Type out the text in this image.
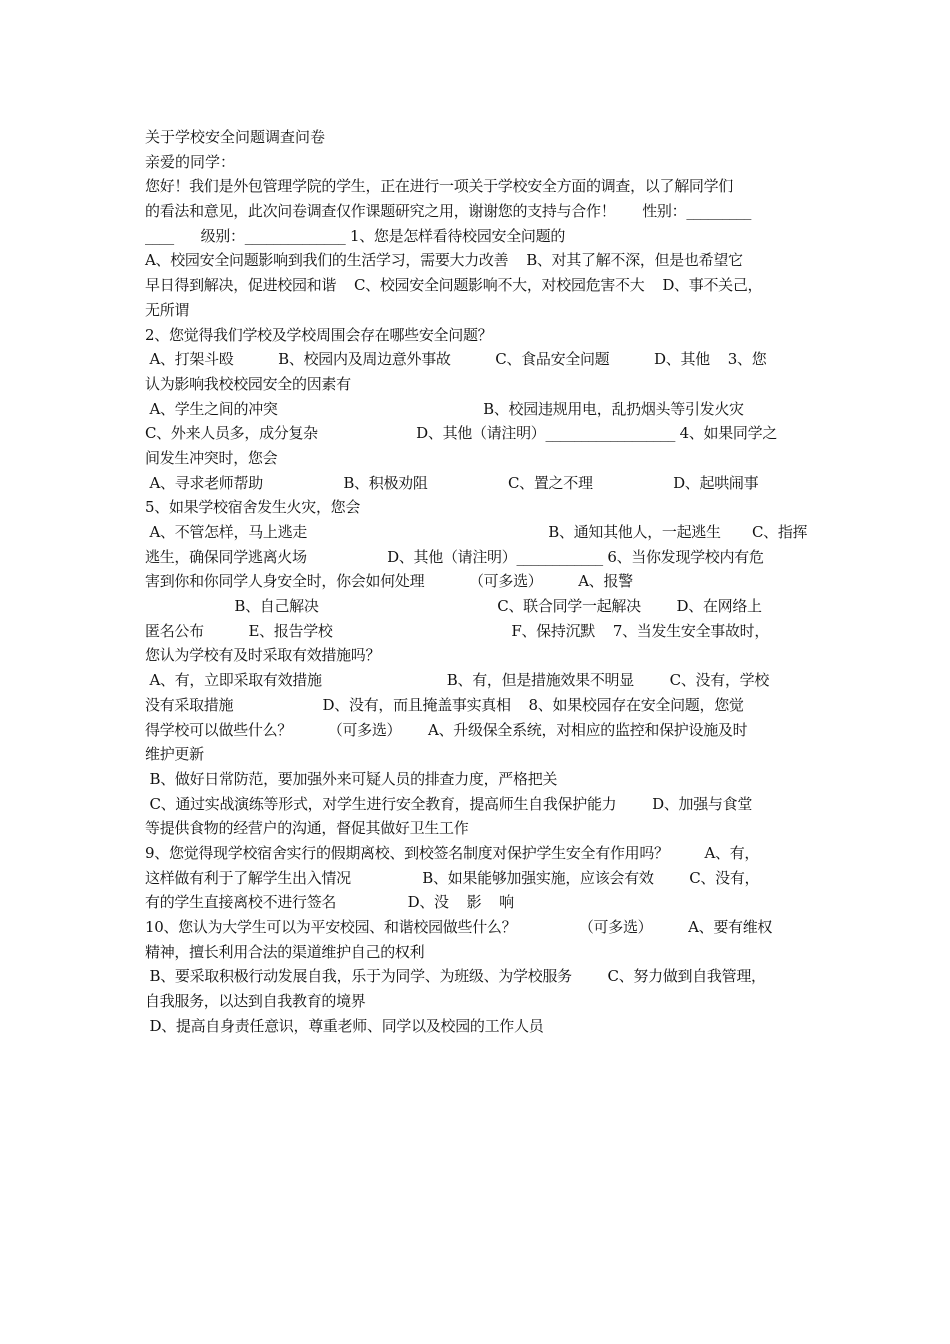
关于学校安全问题调查问卷
亲爱的同学：
您好！我们是外包管理学院的学生，正在进行一项关于学校安全方面的调查，以了解同学们
的看法和意见，此次问卷调查仅作课题研究之用，谢谢您的支持与合作！      性别：_________
____      级别：______________ 1、您是怎样看待校园安全问题的
A、校园安全问题影响到我们的生活学习，需要大力改善    B、对其了解不深，但是也希望它
早日得到解决，促进校园和谐    C、校园安全问题影响不大，对校园危害不大    D、事不关己，
无所谓
2、您觉得我们学校及学校周围会存在哪些安全问题？
A、打架斗殴          B、校园内及周边意外事故          C、食品安全问题          D、其他    3、您
认为影响我校校园安全的因素有
A、学生之间的冲突                                              B、校园违规用电，乱扔烟头等引发火灾
C、外来人员多，成分复杂                      D、其他（请注明）__________________ 4、如果同学之
间发生冲突时，您会
A、寻求老师帮助                  B、积极劝阻                  C、置之不理                  D、起哄闹事
5、如果学校宿舍发生火灾，您会
A、不管怎样，马上逃走                                                      B、通知其他人，一起逃生       C、指挥
逃生，确保同学逃离火场                  D、其他（请注明）____________ 6、当你发现学校内有危
害到你和你同学人身安全时，你会如何处理          （可多选）        A、报警
B、自己解决                                        C、联合同学一起解决        D、在网络上
匿名公布          E、报告学校                                        F、保持沉默    7、当发生安全事故时，
您认为学校有及时采取有效措施吗？
A、有，立即采取有效措施                            B、有，但是措施效果不明显        C、没有，学校
没有采取措施                    D、没有，而且掩盖事实真相    8、如果校园存在安全问题，您觉
得学校可以做些什么？        （可多选）      A、升级保全系统，对相应的监控和保护设施及时
维护更新
B、做好日常防范，要加强外来可疑人员的排查力度，严格把关
C、通过实战演练等形式，对学生进行安全教育，提高师生自我保护能力        D、加强与食堂
等提供食物的经营户的沟通，督促其做好卫生工作
9、您觉得现学校宿舍实行的假期离校、到校签名制度对保护学生安全有作用吗？        A、有，
这样做有利于了解学生出入情况                B、如果能够加强实施，应该会有效        C、没有，
有的学生直接离校不进行签名                D、没    影    响
10、您认为大学生可以为平安校园、和谐校园做些什么？              （可多选）        A、要有维权
精神，擅长利用合法的渠道维护自己的权利
B、要采取积极行动发展自我，乐于为同学、为班级、为学校服务        C、努力做到自我管理，
自我服务，以达到自我教育的境界
D、提高自身责任意识，尊重老师、同学以及校园的工作人员
